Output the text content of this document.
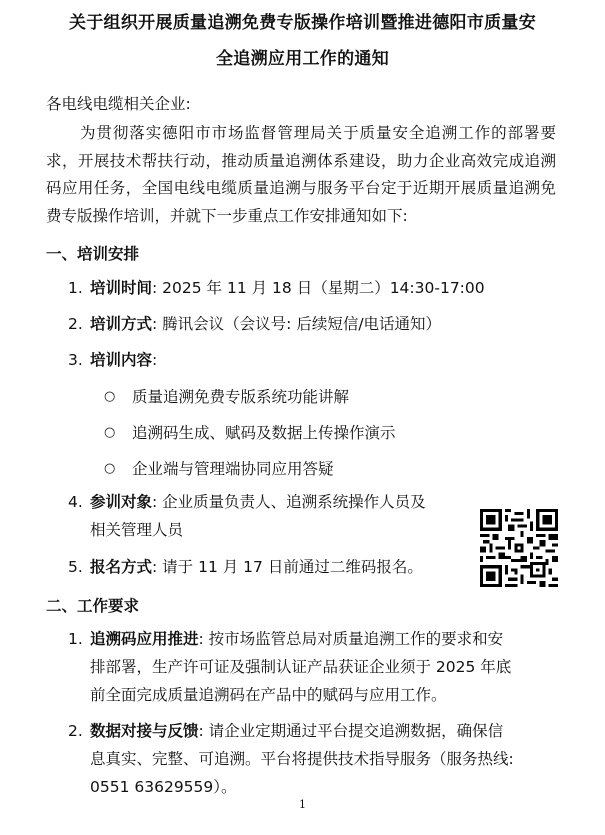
关于组织开展质量追溯免费专版操作培训暨推进德阳市质量安
全追溯应用工作的通知
各电线电缆相关企业:
为贯彻落实德阳市市场监督管理局关于质量安全追溯工作的部署要求，开展技术帮扶行动，推动质量追溯体系建设，助力企业高效完成追溯码应用任务，全国电线电缆质量追溯与服务平台定于近期开展质量追溯免费专版操作培训，并就下一步重点工作安排通知如下:
一、培训安排
1. 培训时间: 2025 年 11 月 18 日（星期二）14:30-17:00
2. 培训方式: 腾讯会议（会议号: 后续短信/电话通知）
3. 培训内容:
○ 质量追溯免费专版系统功能讲解
○ 追溯码生成、赋码及数据上传操作演示
○ 企业端与管理端协同应用答疑
4. 参训对象: 企业质量负责人、追溯系统操作人员及
相关管理人员
5. 报名方式: 请于 11 月 17 日前通过二维码报名。
二、工作要求
1. 追溯码应用推进: 按市场监管总局对质量追溯工作的要求和安
排部署，生产许可证及强制认证产品获证企业须于 2025 年底
前全面完成质量追溯码在产品中的赋码与应用工作。
2. 数据对接与反馈: 请企业定期通过平台提交追溯数据，确保信
息真实、完整、可追溯。平台将提供技术指导服务（服务热线:
0551 63629559）。
1
